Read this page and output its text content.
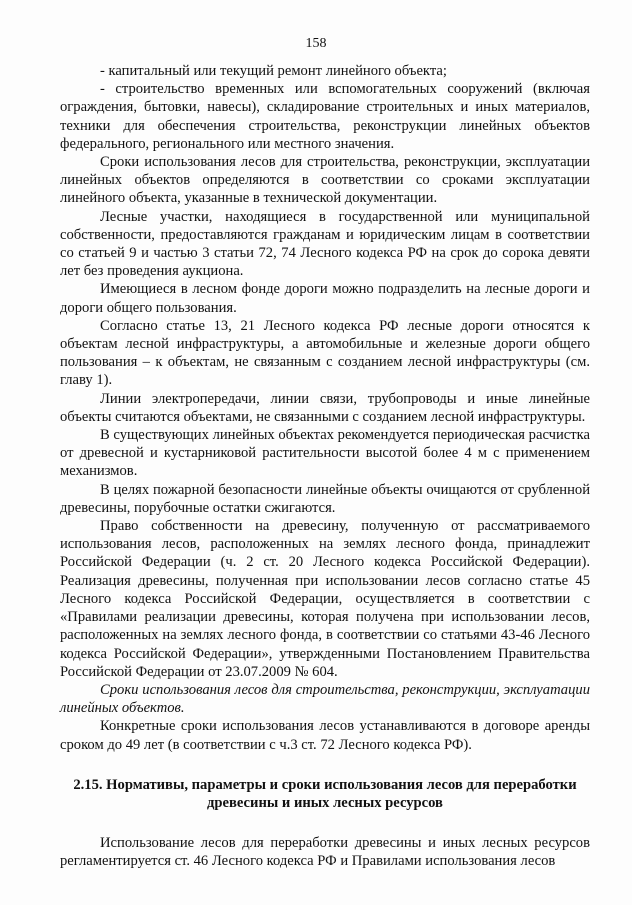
158

- капитальный или текущий ремонт линейного объекта;

- строительство временных или вспомогательных сооружений (включая ограждения, бытовки, навесы), складирование строительных и иных материалов, техники для обеспечения строительства, реконструкции линейных объектов федерального, регионального или местного значения.

Сроки использования лесов для строительства, реконструкции, эксплуатации линейных объектов определяются в соответствии со сроками эксплуатации линейного объекта, указанные в технической документации.

Лесные участки, находящиеся в государственной или муниципальной собственности, предоставляются гражданам и юридическим лицам в соответствии со статьей 9 и частью 3 статьи 72, 74 Лесного кодекса РФ на срок до сорока девяти лет без проведения аукциона.

Имеющиеся в лесном фонде дороги можно подразделить на лесные дороги и дороги общего пользования.

Согласно статье 13, 21 Лесного кодекса РФ лесные дороги относятся к объектам лесной инфраструктуры, а автомобильные и железные дороги общего пользования – к объектам, не связанным с созданием лесной инфраструктуры (см. главу 1).

Линии электропередачи, линии связи, трубопроводы и иные линейные объекты считаются объектами, не связанными с созданием лесной инфраструктуры.

В существующих линейных объектах рекомендуется периодическая расчистка от древесной и кустарниковой растительности высотой более 4 м с применением механизмов.

В целях пожарной безопасности линейные объекты очищаются от срубленной древесины, порубочные остатки сжигаются.

Право собственности на древесину, полученную от рассматриваемого использования лесов, расположенных на землях лесного фонда, принадлежит Российской Федерации (ч. 2 ст. 20 Лесного кодекса Российской Федерации). Реализация древесины, полученная при использовании лесов согласно статье 45 Лесного кодекса Российской Федерации, осуществляется в соответствии с «Правилами реализации древесины, которая получена при использовании лесов, расположенных на землях лесного фонда, в соответствии со статьями 43-46 Лесного кодекса Российской Федерации», утвержденными Постановлением Правительства Российской Федерации от 23.07.2009 № 604.

Сроки использования лесов для строительства, реконструкции, эксплуатации линейных объектов.

Конкретные сроки использования лесов устанавливаются в договоре аренды сроком до 49 лет (в соответствии с ч.3 ст. 72 Лесного кодекса РФ).

2.15. Нормативы, параметры и сроки использования лесов для переработки древесины и иных лесных ресурсов

Использование лесов для переработки древесины и иных лесных ресурсов регламентируется ст. 46 Лесного кодекса РФ и Правилами использования лесов
